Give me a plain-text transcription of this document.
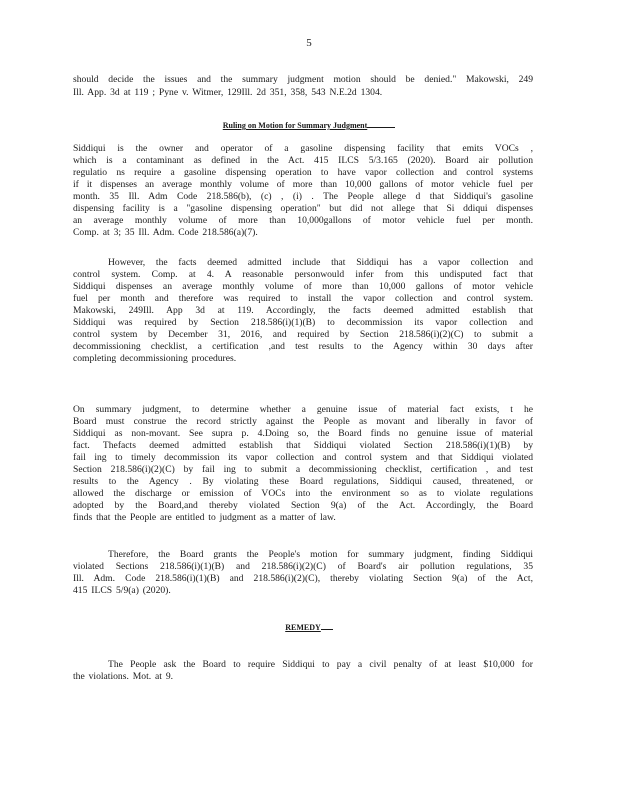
5
should decide the issues and the summary judgment motion should be denied." Makowski, 249
Ill. App. 3d at 119 ; Pyne v. Witmer, 129Ill. 2d 351, 358, 543 N.E.2d 1304.
Ruling on Motion for Summary Judgment
Siddiqui is the owner and operator of a gasoline dispensing facility that emits VOCs ,
which is a contaminant as defined in the Act. 415 ILCS 5/3.165 (2020). Board air pollution
regulatio ns require a gasoline dispensing operation to have vapor collection and control systems
if it dispenses an average monthly volume of more than 10,000 gallons of motor vehicle fuel per
month. 35 Ill. Adm Code 218.586(b), (c) , (i) . The People allege d that Siddiqui's gasoline
dispensing facility is a "gasoline dispensing operation" but did not allege that Si ddiqui dispenses
an average monthly volume of more than 10,000gallons of motor vehicle fuel per month.
Comp. at 3; 35 Ill. Adm. Code 218.586(a)(7).
However, the facts deemed admitted include that Siddiqui has a vapor collection and
control system. Comp. at 4. A reasonable personwould infer from this undisputed fact that
Siddiqui dispenses an average monthly volume of more than 10,000 gallons of motor vehicle
fuel per month and therefore was required to install the vapor collection and control system.
Makowski, 249Ill. App 3d at 119. Accordingly, the facts deemed admitted establish that
Siddiqui was required by Section 218.586(i)(1)(B) to decommission its vapor collection and
control system by December 31, 2016, and required by Section 218.586(i)(2)(C) to submit a
decommissioning checklist, a certification ,and test results to the Agency within 30 days after
completing decommissioning procedures.
On summary judgment, to determine whether a genuine issue of material fact exists, t he
Board must construe the record strictly against the People as movant and liberally in favor of
Siddiqui as non-movant. See supra p. 4.Doing so, the Board finds no genuine issue of material
fact. Thefacts deemed admitted establish that Siddiqui violated Section 218.586(i)(1)(B) by
fail ing to timely decommission its vapor collection and control system and that Siddiqui violated
Section 218.586(i)(2)(C) by fail ing to submit a decommissioning checklist, certification , and test
results to the Agency . By violating these Board regulations, Siddiqui caused, threatened, or
allowed the discharge or emission of VOCs into the environment so as to violate regulations
adopted by the Board,and thereby violated Section 9(a) of the Act. Accordingly, the Board
finds that the People are entitled to judgment as a matter of law.
Therefore, the Board grants the People's motion for summary judgment, finding Siddiqui
violated Sections 218.586(i)(1)(B) and 218.586(i)(2)(C) of Board's air pollution regulations, 35
Ill. Adm. Code 218.586(i)(1)(B) and 218.586(i)(2)(C), thereby violating Section 9(a) of the Act,
415 ILCS 5/9(a) (2020).
REMEDY
The People ask the Board to require Siddiqui to pay a civil penalty of at least $10,000 for
the violations. Mot. at 9.
